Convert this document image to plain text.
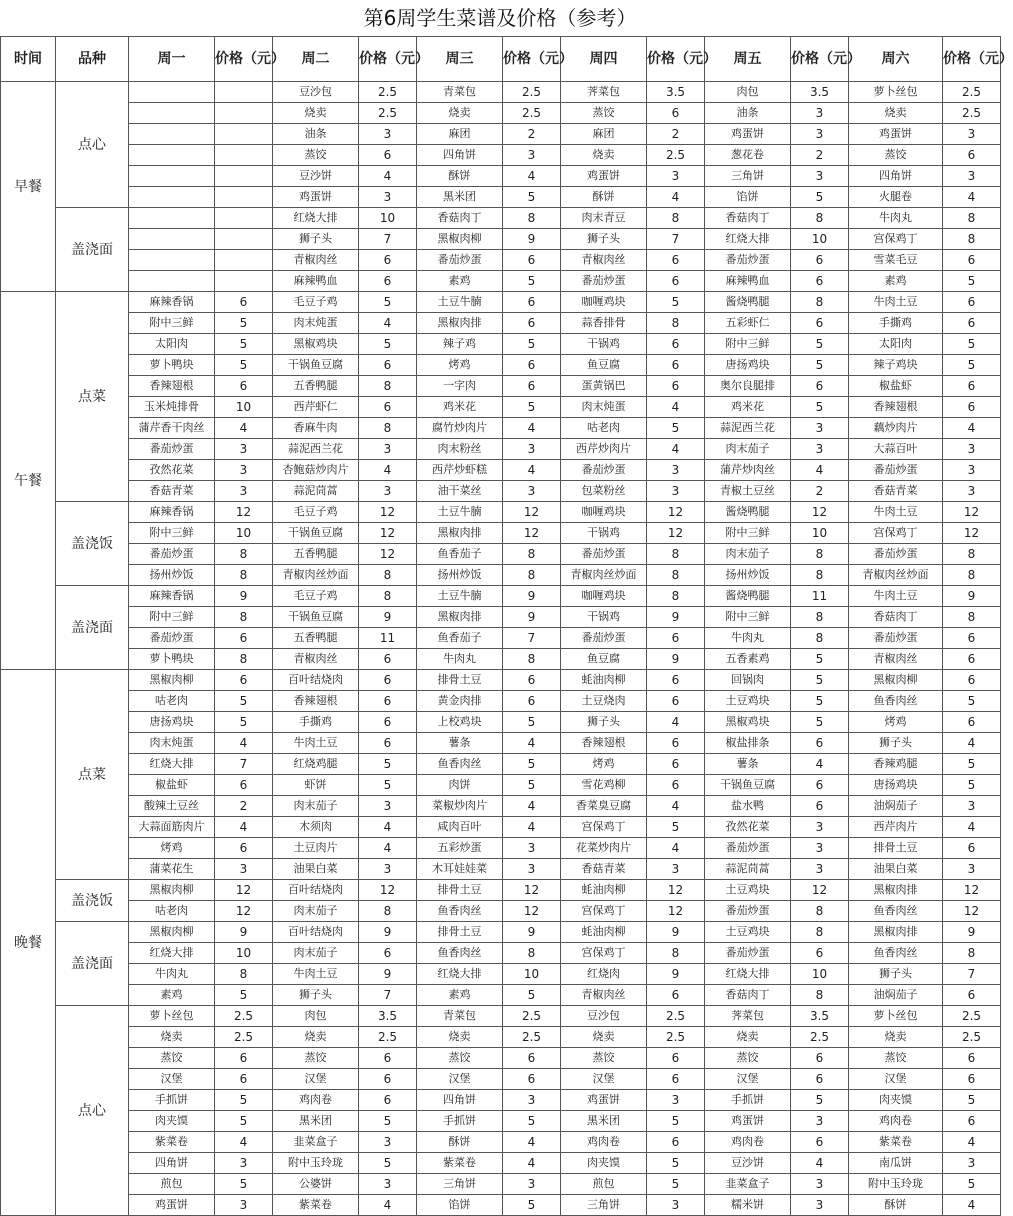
第6周学生菜谱及价格（参考）
时间	品种	周一	价格（元）	周二	价格（元）	周三	价格（元）	周四	价格（元）	周五	价格（元）	周六	价格（元）
早餐	点心			豆沙包	2.5	青菜包	2.5	荠菜包	3.5	肉包	3.5	萝卜丝包	2.5
				烧卖	2.5	烧卖	2.5	蒸饺	6	油条	3	烧卖	2.5
				油条	3	麻团	2	麻团	2	鸡蛋饼	3	鸡蛋饼	3
				蒸饺	6	四角饼	3	烧卖	2.5	葱花卷	2	蒸饺	6
				豆沙饼	4	酥饼	4	鸡蛋饼	3	三角饼	3	四角饼	3
				鸡蛋饼	3	黑米团	5	酥饼	4	馅饼	5	火腿卷	4
	盖浇面			红烧大排	10	香菇肉丁	8	肉末青豆	8	香菇肉丁	8	牛肉丸	8
				狮子头	7	黑椒肉柳	9	狮子头	7	红烧大排	10	宫保鸡丁	8
				青椒肉丝	6	番茄炒蛋	6	青椒肉丝	6	番茄炒蛋	6	雪菜毛豆	6
				麻辣鸭血	6	素鸡	5	番茄炒蛋	6	麻辣鸭血	6	素鸡	5
午餐	点菜	麻辣香锅	6	毛豆子鸡	5	土豆牛腩	6	咖喱鸡块	5	酱烧鸭腿	8	牛肉土豆	6
		附中三鲜	5	肉末炖蛋	4	黑椒肉排	6	蒜香排骨	8	五彩虾仁	6	手撕鸡	6
		太阳肉	5	黑椒鸡块	5	辣子鸡	5	干锅鸡	6	附中三鲜	5	太阳肉	5
		萝卜鸭块	5	干锅鱼豆腐	6	烤鸡	6	鱼豆腐	6	唐扬鸡块	5	辣子鸡块	5
		香辣翅根	6	五香鸭腿	8	一字肉	6	蛋黄锅巴	6	奥尔良腿排	6	椒盐虾	6
		玉米炖排骨	10	西芹虾仁	6	鸡米花	5	肉末炖蛋	4	鸡米花	5	香辣翅根	6
		蒲芹香干肉丝	4	香麻牛肉	8	腐竹炒肉片	4	咕老肉	5	蒜泥西兰花	3	藕炒肉片	4
		番茄炒蛋	3	蒜泥西兰花	3	肉末粉丝	3	西芹炒肉片	4	肉末茄子	3	大蒜百叶	3
		孜然花菜	3	杏鲍菇炒肉片	4	西芹炒虾糕	4	番茄炒蛋	3	蒲芹炒肉丝	4	番茄炒蛋	3
		香菇青菜	3	蒜泥茼蒿	3	油干菜丝	3	包菜粉丝	3	青椒土豆丝	2	香菇青菜	3
	盖浇饭	麻辣香锅	12	毛豆子鸡	12	土豆牛腩	12	咖喱鸡块	12	酱烧鸭腿	12	牛肉土豆	12
		附中三鲜	10	干锅鱼豆腐	12	黑椒肉排	12	干锅鸡	12	附中三鲜	10	宫保鸡丁	12
		番茄炒蛋	8	五香鸭腿	12	鱼香茄子	8	番茄炒蛋	8	肉末茄子	8	番茄炒蛋	8
		扬州炒饭	8	青椒肉丝炒面	8	扬州炒饭	8	青椒肉丝炒面	8	扬州炒饭	8	青椒肉丝炒面	8
	盖浇面	麻辣香锅	9	毛豆子鸡	8	土豆牛腩	9	咖喱鸡块	8	酱烧鸭腿	11	牛肉土豆	9
		附中三鲜	8	干锅鱼豆腐	9	黑椒肉排	9	干锅鸡	9	附中三鲜	8	香菇肉丁	8
		番茄炒蛋	6	五香鸭腿	11	鱼香茄子	7	番茄炒蛋	6	牛肉丸	8	番茄炒蛋	6
		萝卜鸭块	8	青椒肉丝	6	牛肉丸	8	鱼豆腐	9	五香素鸡	5	青椒肉丝	6
晚餐	点菜	黑椒肉柳	6	百叶结烧肉	6	排骨土豆	6	蚝油肉柳	6	回锅肉	5	黑椒肉柳	6
		咕老肉	5	香辣翅根	6	黄金肉排	6	土豆烧肉	6	土豆鸡块	5	鱼香肉丝	5
		唐扬鸡块	5	手撕鸡	6	上校鸡块	5	狮子头	4	黑椒鸡块	5	烤鸡	6
		肉末炖蛋	4	牛肉土豆	6	薯条	4	香辣翅根	6	椒盐排条	6	狮子头	4
		红烧大排	7	红烧鸡腿	5	鱼香肉丝	5	烤鸡	6	薯条	4	香辣鸡腿	5
		椒盐虾	6	虾饼	5	肉饼	5	雪花鸡柳	6	干锅鱼豆腐	6	唐扬鸡块	5
		酸辣土豆丝	2	肉末茄子	3	菜椒炒肉片	4	香菜臭豆腐	4	盐水鸭	6	油焖茄子	3
		大蒜面筋肉片	4	木须肉	4	咸肉百叶	4	宫保鸡丁	5	孜然花菜	3	西芹肉片	4
		烤鸡	6	土豆肉片	4	五彩炒蛋	3	花菜炒肉片	4	番茄炒蛋	3	排骨土豆	6
		蒲菜花生	3	油果白菜	3	木耳娃娃菜	3	香菇青菜	3	蒜泥茼蒿	3	油果白菜	3
	盖浇饭	黑椒肉柳	12	百叶结烧肉	12	排骨土豆	12	蚝油肉柳	12	土豆鸡块	12	黑椒肉排	12
		咕老肉	12	肉末茄子	8	鱼香肉丝	12	宫保鸡丁	12	番茄炒蛋	8	鱼香肉丝	12
	盖浇面	黑椒肉柳	9	百叶结烧肉	9	排骨土豆	9	蚝油肉柳	9	土豆鸡块	8	黑椒肉排	9
		红烧大排	10	肉末茄子	6	鱼香肉丝	8	宫保鸡丁	8	番茄炒蛋	6	鱼香肉丝	8
		牛肉丸	8	牛肉土豆	9	红烧大排	10	红烧肉	9	红烧大排	10	狮子头	7
		素鸡	5	狮子头	7	素鸡	5	青椒肉丝	6	香菇肉丁	8	油焖茄子	6
	点心	萝卜丝包	2.5	肉包	3.5	青菜包	2.5	豆沙包	2.5	荠菜包	3.5	萝卜丝包	2.5
		烧卖	2.5	烧卖	2.5	烧卖	2.5	烧卖	2.5	烧卖	2.5	烧卖	2.5
		蒸饺	6	蒸饺	6	蒸饺	6	蒸饺	6	蒸饺	6	蒸饺	6
		汉堡	6	汉堡	6	汉堡	6	汉堡	6	汉堡	6	汉堡	6
		手抓饼	5	鸡肉卷	6	四角饼	3	鸡蛋饼	3	手抓饼	5	肉夹馍	5
		肉夹馍	5	黑米团	5	手抓饼	5	黑米团	5	鸡蛋饼	3	鸡肉卷	6
		紫菜卷	4	韭菜盒子	3	酥饼	4	鸡肉卷	6	鸡肉卷	6	紫菜卷	4
		四角饼	3	附中玉玲珑	5	紫菜卷	4	肉夹馍	5	豆沙饼	4	南瓜饼	3
		煎包	5	公婆饼	3	三角饼	3	煎包	5	韭菜盒子	3	附中玉玲珑	5
		鸡蛋饼	3	紫菜卷	4	馅饼	5	三角饼	3	糯米饼	3	酥饼	4
